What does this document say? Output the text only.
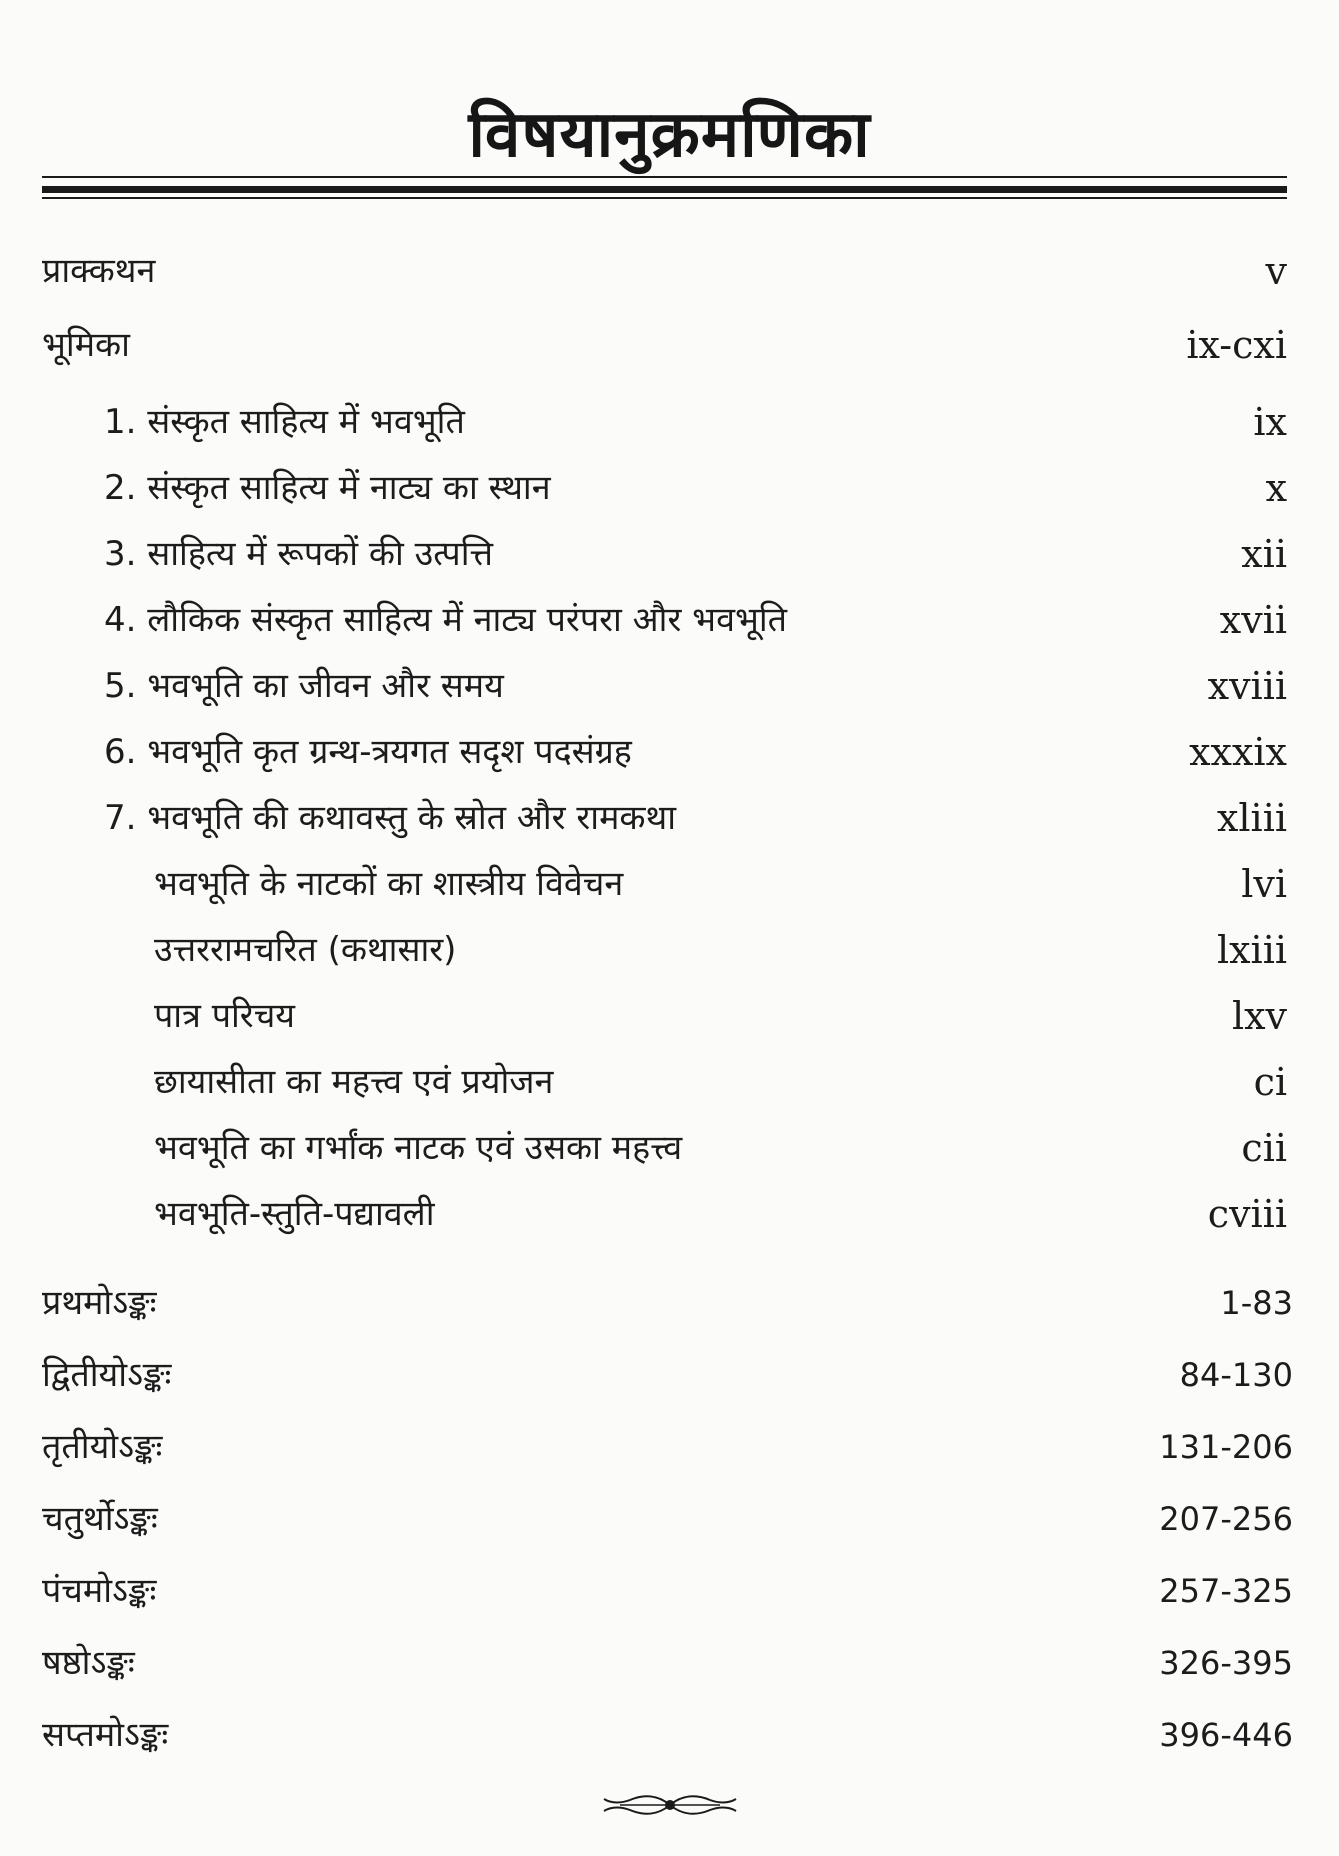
विषयानुक्रमणिका
प्राक्कथन	v
भूमिका	ix-cxi
1. संस्कृत साहित्य में भवभूति	ix
2. संस्कृत साहित्य में नाट्य का स्थान	x
3. साहित्य में रूपकों की उत्पत्ति	xii
4. लौकिक संस्कृत साहित्य में नाट्य परंपरा और भवभूति	xvii
5. भवभूति का जीवन और समय	xviii
6. भवभूति कृत ग्रन्थ-त्रयगत सदृश पदसंग्रह	xxxix
7. भवभूति की कथावस्तु के स्रोत और रामकथा	xliii
भवभूति के नाटकों का शास्त्रीय विवेचन	lvi
उत्तररामचरित (कथासार)	lxiii
पात्र परिचय	lxv
छायासीता का महत्त्व एवं प्रयोजन	ci
भवभूति का गर्भांक नाटक एवं उसका महत्त्व	cii
भवभूति-स्तुति-पद्यावली	cviii
प्रथमोऽङ्कः	1-83
द्वितीयोऽङ्कः	84-130
तृतीयोऽङ्कः	131-206
चतुर्थोऽङ्कः	207-256
पंचमोऽङ्कः	257-325
षष्ठोऽङ्कः	326-395
सप्तमोऽङ्कः	396-446
